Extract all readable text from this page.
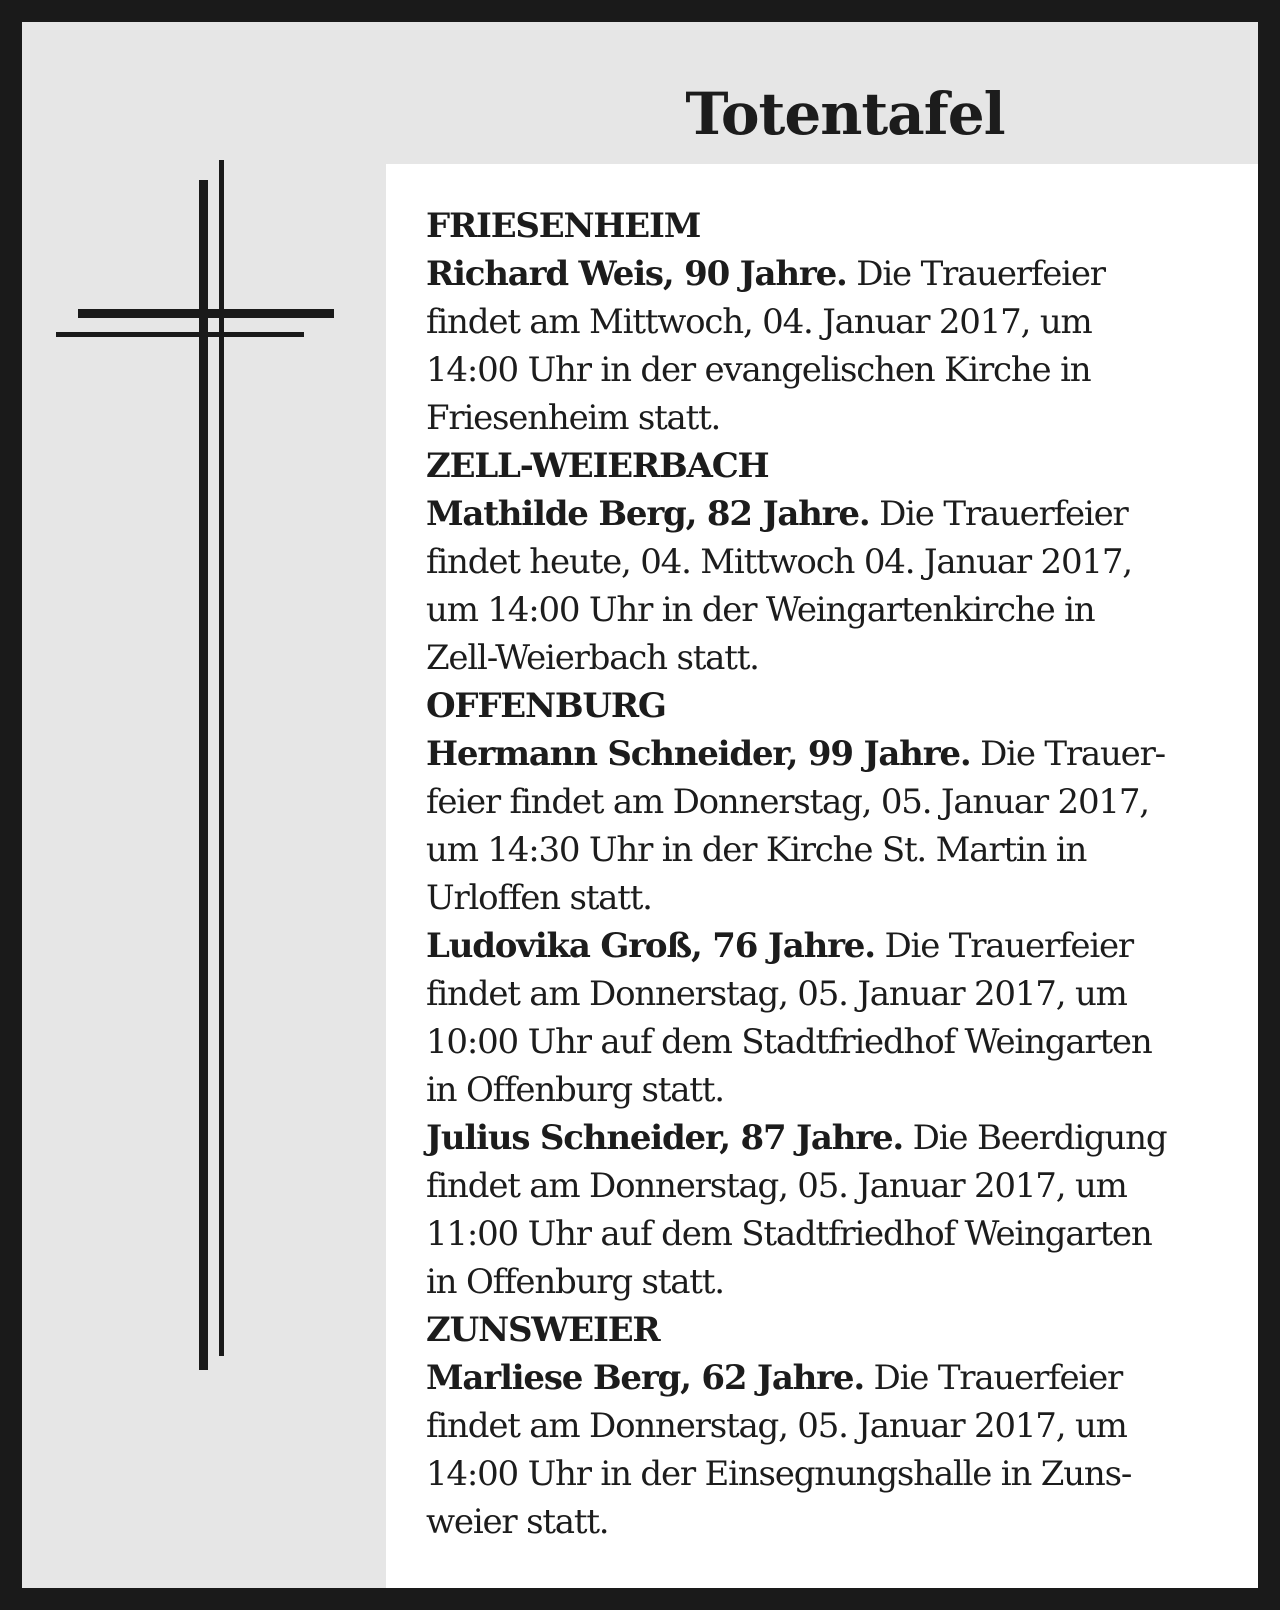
Totentafel
FRIESENHEIM
Richard Weis, 90 Jahre. Die Trauerfeier
findet am Mittwoch, 04. Januar 2017, um
14:00 Uhr in der evangelischen Kirche in
Friesenheim statt.
ZELL-WEIERBACH
Mathilde Berg, 82 Jahre. Die Trauerfeier
findet heute, 04. Mittwoch 04. Januar 2017,
um 14:00 Uhr in der Weingartenkirche in
Zell-Weierbach statt.
OFFENBURG
Hermann Schneider, 99 Jahre. Die Trauer-
feier findet am Donnerstag, 05. Januar 2017,
um 14:30 Uhr in der Kirche St. Martin in
Urloffen statt.
Ludovika Groß, 76 Jahre. Die Trauerfeier
findet am Donnerstag, 05. Januar 2017, um
10:00 Uhr auf dem Stadtfriedhof Weingarten
in Offenburg statt.
Julius Schneider, 87 Jahre. Die Beerdigung
findet am Donnerstag, 05. Januar 2017, um
11:00 Uhr auf dem Stadtfriedhof Weingarten
in Offenburg statt.
ZUNSWEIER
Marliese Berg, 62 Jahre. Die Trauerfeier
findet am Donnerstag, 05. Januar 2017, um
14:00 Uhr in der Einsegnungshalle in Zuns-
weier statt.
